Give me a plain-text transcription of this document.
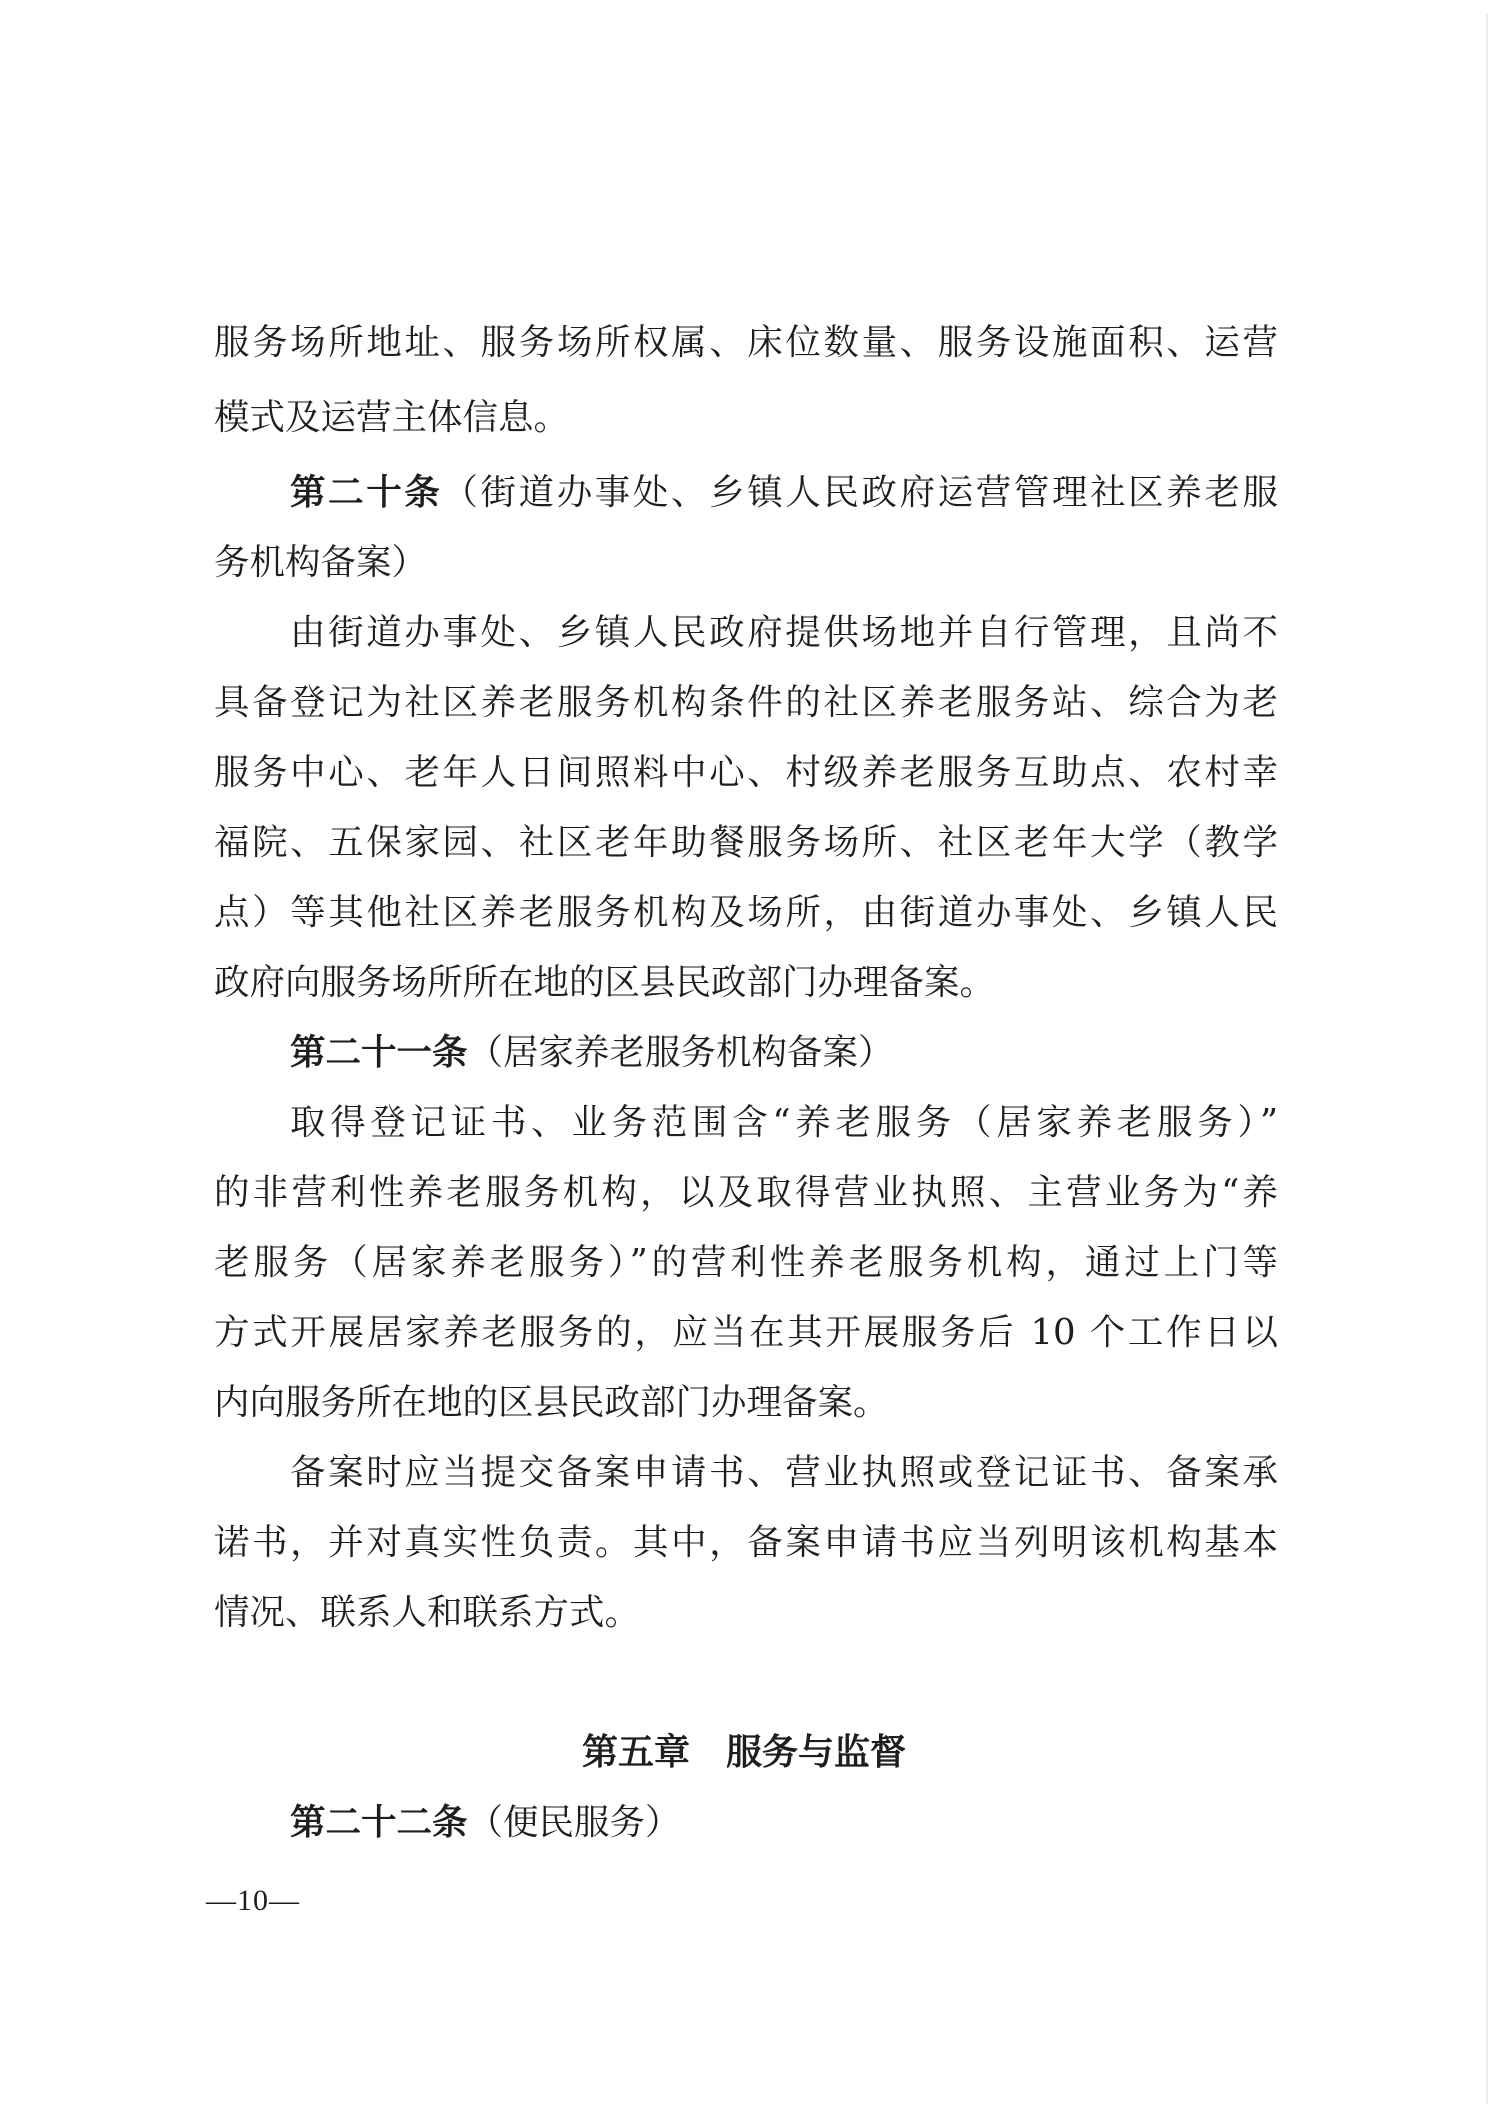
服务场所地址、服务场所权属、床位数量、服务设施面积、运营
模式及运营主体信息。
第二十条（街道办事处、乡镇人民政府运营管理社区养老服
务机构备案）
由街道办事处、乡镇人民政府提供场地并自行管理，且尚不
具备登记为社区养老服务机构条件的社区养老服务站、综合为老
服务中心、老年人日间照料中心、村级养老服务互助点、农村幸
福院、五保家园、社区老年助餐服务场所、社区老年大学（教学
点）等其他社区养老服务机构及场所，由街道办事处、乡镇人民
政府向服务场所所在地的区县民政部门办理备案。
第二十一条（居家养老服务机构备案）
取得登记证书、业务范围含“养老服务（居家养老服务）”
的非营利性养老服务机构，以及取得营业执照、主营业务为“养
老服务（居家养老服务）”的营利性养老服务机构，通过上门等
方式开展居家养老服务的，应当在其开展服务后 10 个工作日以
内向服务所在地的区县民政部门办理备案。
备案时应当提交备案申请书、营业执照或登记证书、备案承
诺书，并对真实性负责。其中，备案申请书应当列明该机构基本
情况、联系人和联系方式。
第五章　服务与监督
第二十二条（便民服务）
—10—
